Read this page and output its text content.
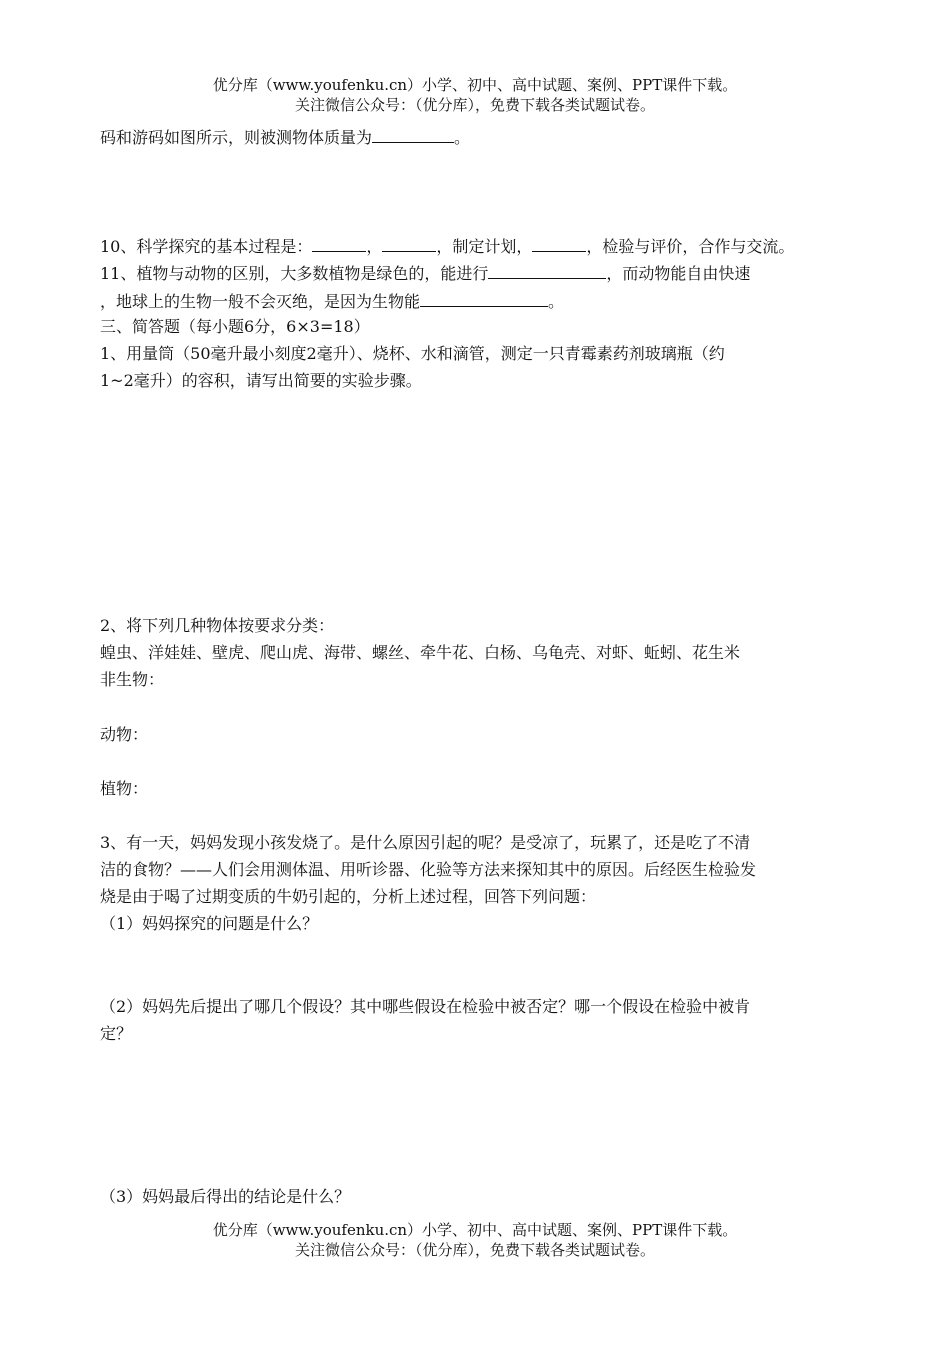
优分库（www.youfenku.cn）小学、初中、高中试题、案例、PPT课件下载。
关注微信公众号：（优分库），免费下载各类试题试卷。
码和游码如图所示，则被测物体质量为	。
10、科学探究的基本过程是：	，	，制定计划，	，检验与评价，合作与交流。
11、植物与动物的区别，大多数植物是绿色的，能进行	，而动物能自由快速
，地球上的生物一般不会灭绝，是因为生物能	。
三、简答题（每小题6分，6×3=18）
1、用量筒（50毫升最小刻度2毫升）、烧杯、水和滴管，测定一只青霉素药剂玻璃瓶（约
1~2毫升）的容积，请写出简要的实验步骤。
2、将下列几种物体按要求分类：
蝗虫、洋娃娃、壁虎、爬山虎、海带、螺丝、牵牛花、白杨、乌龟壳、对虾、蚯蚓、花生米
非生物：
动物：
植物：
3、有一天，妈妈发现小孩发烧了。是什么原因引起的呢？是受凉了，玩累了，还是吃了不清
洁的食物？——人们会用测体温、用听诊器、化验等方法来探知其中的原因。后经医生检验发
烧是由于喝了过期变质的牛奶引起的，分析上述过程，回答下列问题：
（1）妈妈探究的问题是什么？
（2）妈妈先后提出了哪几个假设？其中哪些假设在检验中被否定？哪一个假设在检验中被肯
定？
（3）妈妈最后得出的结论是什么？
优分库（www.youfenku.cn）小学、初中、高中试题、案例、PPT课件下载。
关注微信公众号：（优分库），免费下载各类试题试卷。
